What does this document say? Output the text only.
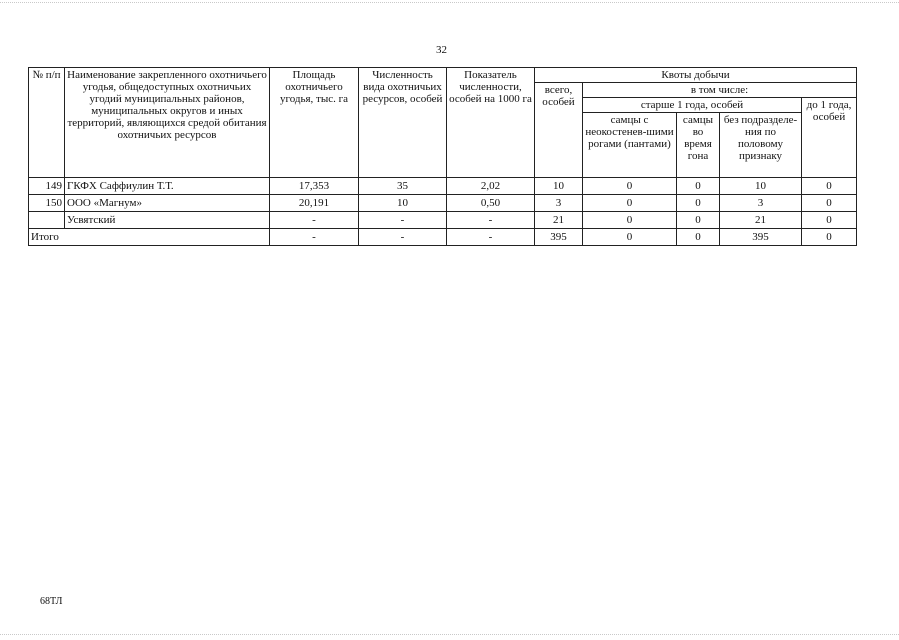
32
№ п/п	Наименование закрепленного охотничьего угодья, общедоступных охотничьих угодий муниципальных районов, муниципальных округов и иных территорий, являющихся средой обитания охотничьих ресурсов	Площадь охотничьего угодья, тыс. га	Численность вида охотничьих ресурсов, особей	Показатель численности, особей на 1000 га	Квоты добычи				
					всего, особей	в том числе:			
						старше 1 года, особей			до 1 года, особей
						самцы с неокостенев-шими рогами (пантами)	самцы во время гона	без подразделе-ния по половому признаку	
149	ГКФХ Саффиулин Т.Т.	17,353	35	2,02	10	0	0	10	0
150	ООО «Магнум»	20,191	10	0,50	3	0	0	3	0
	Усвятский	-	-	-	21	0	0	21	0
Итого		-	-	-	395	0	0	395	0
68ТЛ
